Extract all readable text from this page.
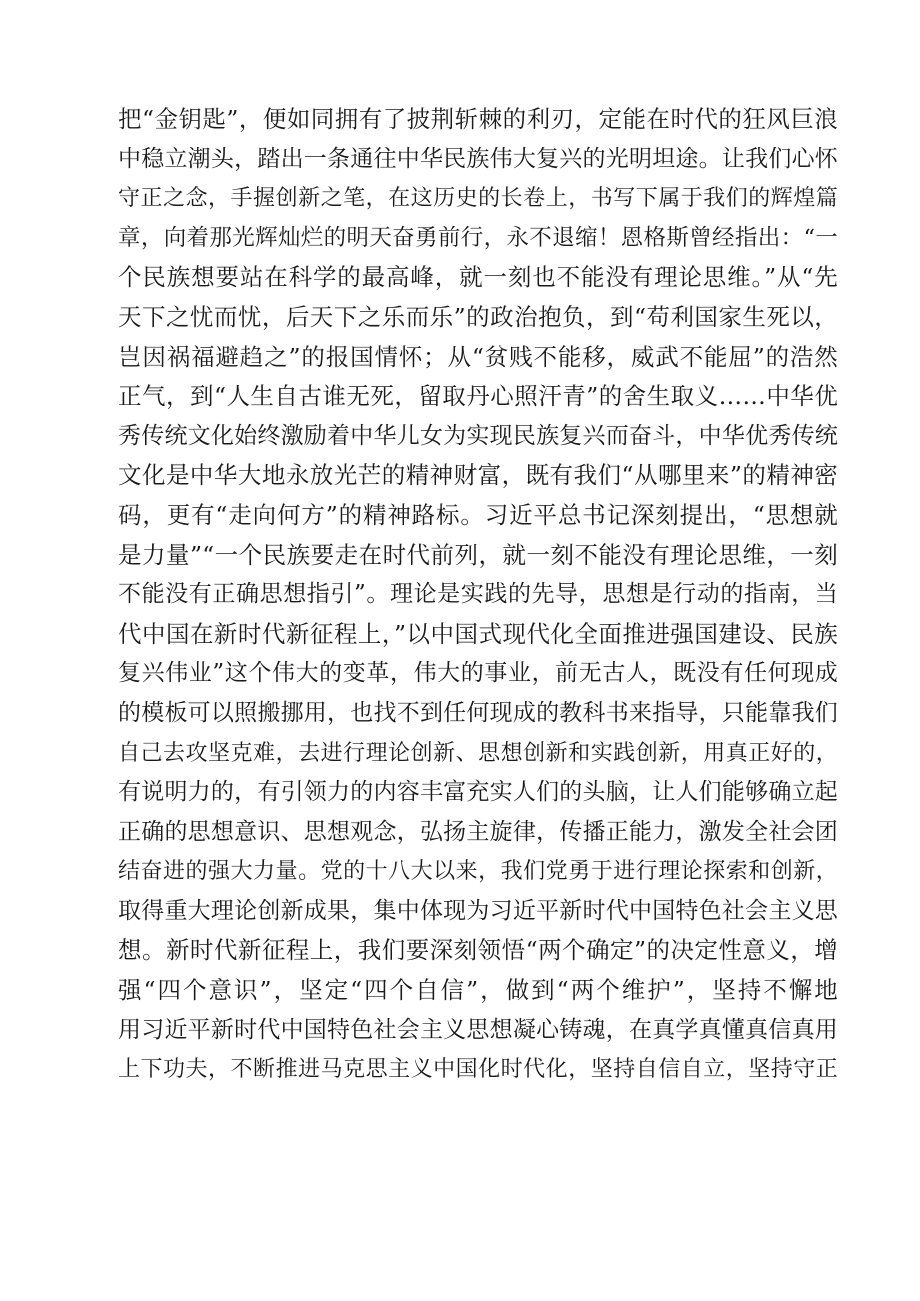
把“金钥匙”，便如同拥有了披荆斩棘的利刃，定能在时代的狂风巨浪
中稳立潮头，踏出一条通往中华民族伟大复兴的光明坦途。让我们心怀
守正之念，手握创新之笔，在这历史的长卷上，书写下属于我们的辉煌篇
章，向着那光辉灿烂的明天奋勇前行，永不退缩！恩格斯曾经指出：“一
个民族想要站在科学的最高峰，就一刻也不能没有理论思维。”从“先
天下之忧而忧，后天下之乐而乐”的政治抱负，到“苟利国家生死以，
岂因祸福避趋之”的报国情怀；从“贫贱不能移，威武不能屈”的浩然
正气，到“人生自古谁无死，留取丹心照汗青”的舍生取义……中华优
秀传统文化始终激励着中华儿女为实现民族复兴而奋斗，中华优秀传统
文化是中华大地永放光芒的精神财富，既有我们“从哪里来”的精神密
码，更有“走向何方”的精神路标。习近平总书记深刻提出，“思想就
是力量”“一个民族要走在时代前列，就一刻不能没有理论思维，一刻
不能没有正确思想指引”。理论是实践的先导，思想是行动的指南，当
代中国在新时代新征程上，”以中国式现代化全面推进强国建设、民族
复兴伟业”这个伟大的变革，伟大的事业，前无古人，既没有任何现成
的模板可以照搬挪用，也找不到任何现成的教科书来指导，只能靠我们
自己去攻坚克难，去进行理论创新、思想创新和实践创新，用真正好的，
有说明力的，有引领力的内容丰富充实人们的头脑，让人们能够确立起
正确的思想意识、思想观念，弘扬主旋律，传播正能力，激发全社会团
结奋进的强大力量。党的十八大以来，我们党勇于进行理论探索和创新，
取得重大理论创新成果，集中体现为习近平新时代中国特色社会主义思
想。新时代新征程上，我们要深刻领悟“两个确定”的决定性意义，增
强“四个意识”，坚定“四个自信”，做到“两个维护”，坚持不懈地
用习近平新时代中国特色社会主义思想凝心铸魂，在真学真懂真信真用
上下功夫，不断推进马克思主义中国化时代化，坚持自信自立，坚持守正
